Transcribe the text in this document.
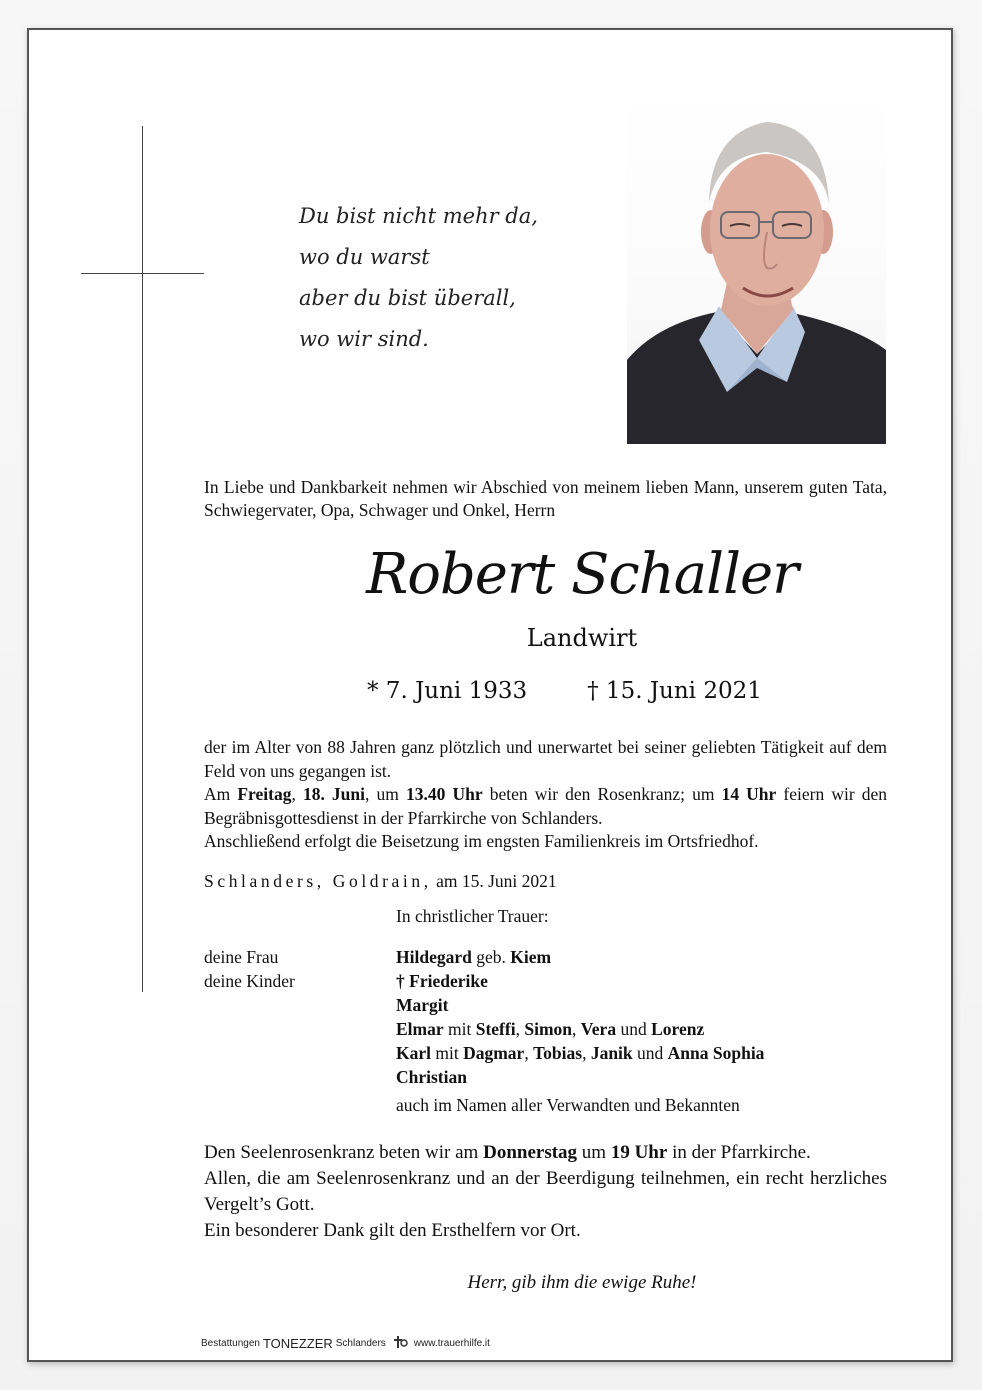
Du bist nicht mehr da,
wo du warst
aber du bist überall,
wo wir sind.
In Liebe und Dankbarkeit nehmen wir Abschied von meinem lieben Mann, unserem guten Tata, Schwiegervater, Opa, Schwager und Onkel, Herrn
Robert Schaller
Landwirt
* 7. Juni 1933	† 15. Juni 2021

der im Alter von 88 Jahren ganz plötzlich und unerwartet bei seiner geliebten Tätigkeit auf dem Feld von uns gegangen ist.

Am Freitag, 18. Juni, um 13.40 Uhr beten wir den Rosenkranz; um 14 Uhr feiern wir den Begräbnisgottesdienst in der Pfarrkirche von Schlanders.

Anschließend erfolgt die Beisetzung im engsten Familienkreis im Ortsfriedhof.

Schlanders, Goldrain, am 15. Juni 2021
In christlicher Trauer:
deine Frau	Hildegard geb. Kiem
deine Kinder	† Friederike
Margit
Elmar mit Steffi, Simon, Vera und Lorenz
Karl mit Dagmar, Tobias, Janik und Anna Sophia
Christian
auch im Namen aller Verwandten und Bekannten

Den Seelenrosenkranz beten wir am Donnerstag um 19 Uhr in der Pfarrkirche.

Allen, die am Seelenrosenkranz und an der Beerdigung teilnehmen, ein recht herzliches Vergelt’s Gott.

Ein besonderer Dank gilt den Ersthelfern vor Ort.

Herr, gib ihm die ewige Ruhe!
Bestattungen TONEZZER Schlanders	www.trauerhilfe.it
